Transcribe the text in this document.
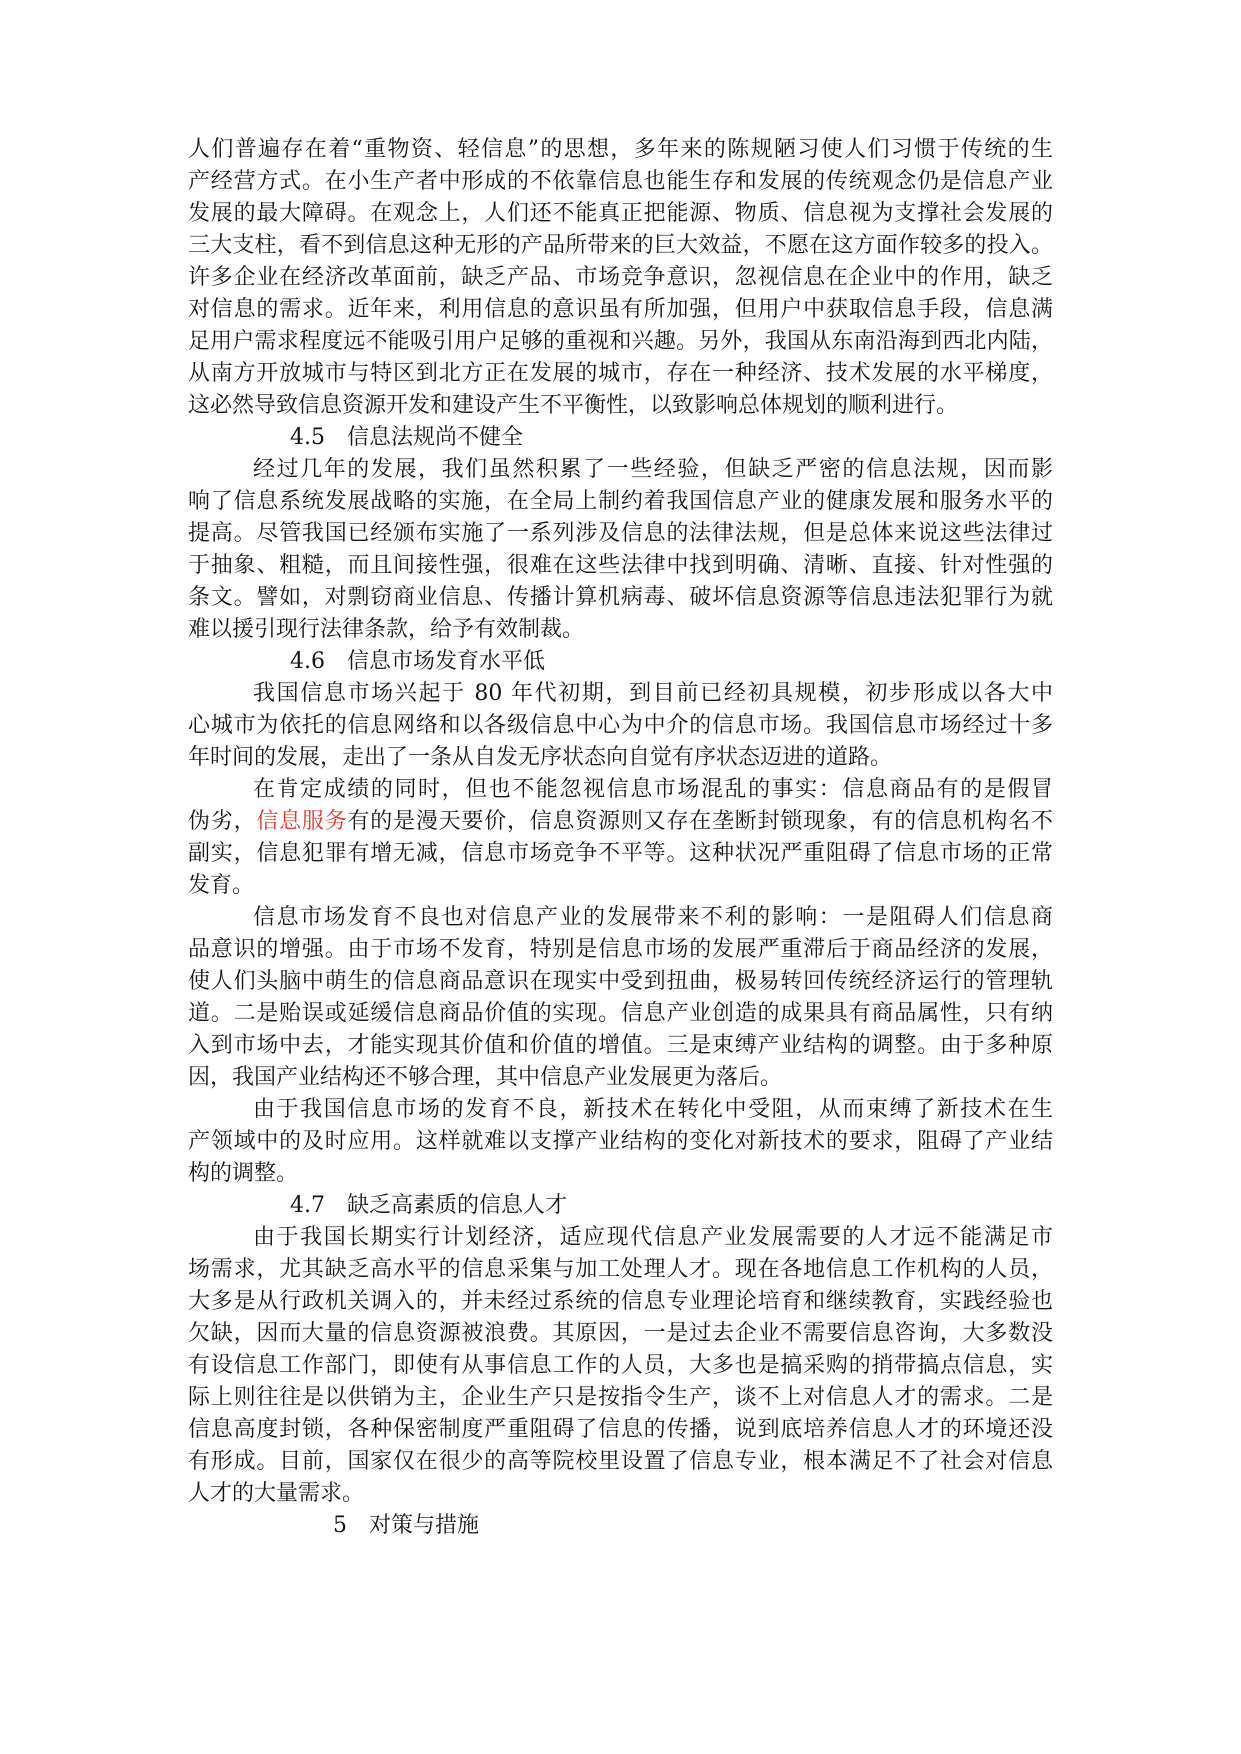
人们普遍存在着“重物资、轻信息”的思想，多年来的陈规陋习使人们习惯于传统的生
产经营方式。在小生产者中形成的不依靠信息也能生存和发展的传统观念仍是信息产业
发展的最大障碍。在观念上，人们还不能真正把能源、物质、信息视为支撑社会发展的
三大支柱，看不到信息这种无形的产品所带来的巨大效益，不愿在这方面作较多的投入。
许多企业在经济改革面前，缺乏产品、市场竞争意识，忽视信息在企业中的作用，缺乏
对信息的需求。近年来，利用信息的意识虽有所加强，但用户中获取信息手段，信息满
足用户需求程度远不能吸引用户足够的重视和兴趣。另外，我国从东南沿海到西北内陆，
从南方开放城市与特区到北方正在发展的城市，存在一种经济、技术发展的水平梯度，
这必然导致信息资源开发和建设产生不平衡性，以致影响总体规划的顺利进行。
4.5 信息法规尚不健全
经过几年的发展，我们虽然积累了一些经验，但缺乏严密的信息法规，因而影
响了信息系统发展战略的实施，在全局上制约着我国信息产业的健康发展和服务水平的
提高。尽管我国已经颁布实施了一系列涉及信息的法律法规，但是总体来说这些法律过
于抽象、粗糙，而且间接性强，很难在这些法律中找到明确、清晰、直接、针对性强的
条文。譬如，对剽窃商业信息、传播计算机病毒、破坏信息资源等信息违法犯罪行为就
难以援引现行法律条款，给予有效制裁。
4.6 信息市场发育水平低
我国信息市场兴起于 80 年代初期，到目前已经初具规模，初步形成以各大中
心城市为依托的信息网络和以各级信息中心为中介的信息市场。我国信息市场经过十多
年时间的发展，走出了一条从自发无序状态向自觉有序状态迈进的道路。
在肯定成绩的同时，但也不能忽视信息市场混乱的事实：信息商品有的是假冒
伪劣，信息服务有的是漫天要价，信息资源则又存在垄断封锁现象，有的信息机构名不
副实，信息犯罪有增无减，信息市场竞争不平等。这种状况严重阻碍了信息市场的正常
发育。
信息市场发育不良也对信息产业的发展带来不利的影响：一是阻碍人们信息商
品意识的增强。由于市场不发育，特别是信息市场的发展严重滞后于商品经济的发展，
使人们头脑中萌生的信息商品意识在现实中受到扭曲，极易转回传统经济运行的管理轨
道。二是贻误或延缓信息商品价值的实现。信息产业创造的成果具有商品属性，只有纳
入到市场中去，才能实现其价值和价值的增值。三是束缚产业结构的调整。由于多种原
因，我国产业结构还不够合理，其中信息产业发展更为落后。
由于我国信息市场的发育不良，新技术在转化中受阻，从而束缚了新技术在生
产领域中的及时应用。这样就难以支撑产业结构的变化对新技术的要求，阻碍了产业结
构的调整。
4.7 缺乏高素质的信息人才
由于我国长期实行计划经济，适应现代信息产业发展需要的人才远不能满足市
场需求，尤其缺乏高水平的信息采集与加工处理人才。现在各地信息工作机构的人员，
大多是从行政机关调入的，并未经过系统的信息专业理论培育和继续教育，实践经验也
欠缺，因而大量的信息资源被浪费。其原因，一是过去企业不需要信息咨询，大多数没
有设信息工作部门，即使有从事信息工作的人员，大多也是搞采购的捎带搞点信息，实
际上则往往是以供销为主，企业生产只是按指令生产，谈不上对信息人才的需求。二是
信息高度封锁，各种保密制度严重阻碍了信息的传播，说到底培养信息人才的环境还没
有形成。目前，国家仅在很少的高等院校里设置了信息专业，根本满足不了社会对信息
人才的大量需求。
5 对策与措施
